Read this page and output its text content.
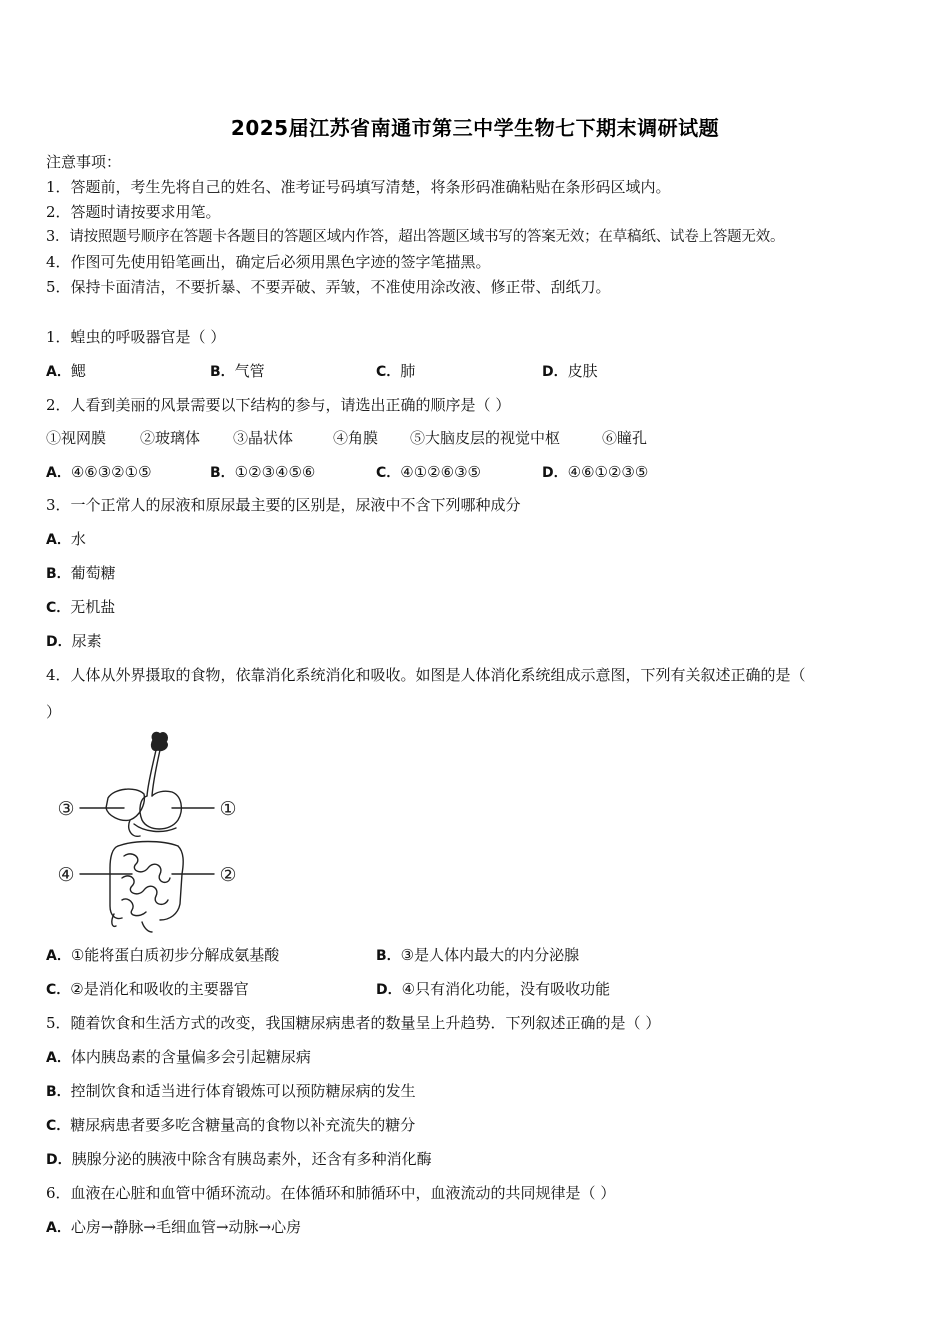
2025届江苏省南通市第三中学生物七下期末调研试题
注意事项：
1．答题前，考生先将自己的姓名、准考证号码填写清楚，将条形码准确粘贴在条形码区域内。
2．答题时请按要求用笔。
3．请按照题号顺序在答题卡各题目的答题区域内作答，超出答题区域书写的答案无效；在草稿纸、试卷上答题无效。
4．作图可先使用铅笔画出，确定后必须用黑色字迹的签字笔描黑。
5．保持卡面清洁，不要折暴、不要弄破、弄皱，不准使用涂改液、修正带、刮纸刀。
1．蝗虫的呼吸器官是（ ）
A．鳃	B．气管	C．肺	D．皮肤
2．人看到美丽的风景需要以下结构的参与，请选出正确的顺序是（ ）
①视网膜 ②玻璃体 ③晶状体	④角膜 ⑤大脑皮层的视觉中枢	⑥瞳孔
A．④⑥③②①⑤	B．①②③④⑤⑥	C．④①②⑥③⑤	D．④⑥①②③⑤
3．一个正常人的尿液和原尿最主要的区别是，尿液中不含下列哪种成分
A．水
B．葡萄糖
C．无机盐
D．尿素
4．人体从外界摄取的食物，依靠消化系统消化和吸收。如图是人体消化系统组成示意图，下列有关叙述正确的是（
）
①
②
③
④
A．①能将蛋白质初步分解成氨基酸	B．③是人体内最大的内分泌腺
C．②是消化和吸收的主要器官	D．④只有消化功能，没有吸收功能
5．随着饮食和生活方式的改变，我国糖尿病患者的数量呈上升趋势．下列叙述正确的是（ ）
A．体内胰岛素的含量偏多会引起糖尿病
B．控制饮食和适当进行体育锻炼可以预防糖尿病的发生
C．糖尿病患者要多吃含糖量高的食物以补充流失的糖分
D．胰腺分泌的胰液中除含有胰岛素外，还含有多种消化酶
6．血液在心脏和血管中循环流动。在体循环和肺循环中，血液流动的共同规律是（ ）
A．心房→静脉→毛细血管→动脉→心房
